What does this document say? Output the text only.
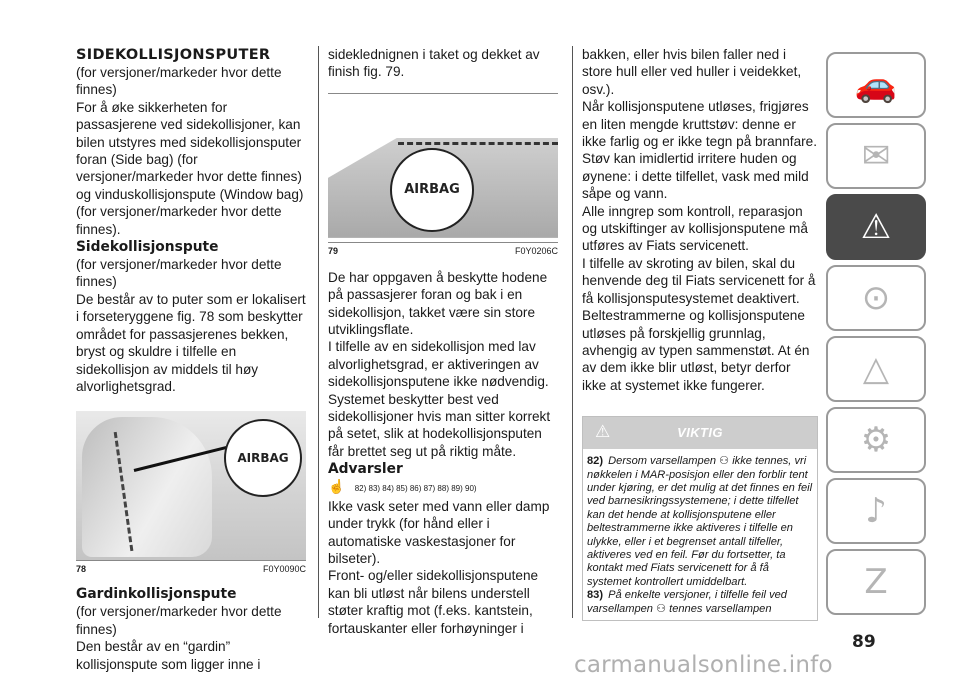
SIDEKOLLISJONSPUTER

(for versjoner/markeder hvor dette finnes)

For å øke sikkerheten for passasjerene ved sidekollisjoner, kan bilen utstyres med sidekollisjonsputer foran (Side bag) (for versjoner/markeder hvor dette finnes) og vinduskollisjonspute (Window bag) (for versjoner/markeder hvor dette finnes).

Sidekollisjonspute

(for versjoner/markeder hvor dette finnes)

De består av to puter som er lokalisert i forseteryggene fig. 78 som beskytter området for passasjerenes bekken, bryst og skuldre i tilfelle en sidekollisjon av middels til høy alvorlighetsgrad.

AIRBAG
78	F0Y0090C
Gardinkollisjonspute

(for versjoner/markeder hvor dette finnes)

Den består av en “gardin” kollisjonspute som ligger inne i

sideklednignen i taket og dekket av finish fig. 79.

AIRBAG
79	F0Y0206C

De har oppgaven å beskytte hodene på passasjerer foran og bak i en sidekollisjon, takket være sin store utviklingsflate.

I tilfelle av en sidekollisjon med lav alvorlighetsgrad, er aktiveringen av sidekollisjonsputene ikke nødvendig. Systemet beskytter best ved sidekollisjoner hvis man sitter korrekt på setet, slik at hodekollisjonsputen får brettet seg ut på riktig måte.

Advarsler
☝ 82) 83) 84) 85) 86) 87) 88) 89) 90)

Ikke vask seter med vann eller damp under trykk (for hånd eller i automatiske vaskestasjoner for bilseter).

Front- og/eller sidekollisjonsputene kan bli utløst når bilens understell støter kraftig mot (f.eks. kantstein, fortauskanter eller forhøyninger i

bakken, eller hvis bilen faller ned i store hull eller ved huller i veidekket, osv.).

Når kollisjonsputene utløses, frigjøres en liten mengde kruttstøv: denne er ikke farlig og er ikke tegn på brannfare. Støv kan imidlertid irritere huden og øynene: i dette tilfellet, vask med mild såpe og vann.

Alle inngrep som kontroll, reparasjon og utskiftinger av kollisjonsputene må utføres av Fiats servicenett.

I tilfelle av skroting av bilen, skal du henvende deg til Fiats servicenett for å få kollisjonsputesystemet deaktivert.

Beltestrammerne og kollisjonsputene utløses på forskjellig grunnlag, avhengig av typen sammenstøt. At én av dem ikke blir utløst, betyr derfor ikke at systemet ikke fungerer.

⚠	VIKTIG
82) Dersom varsellampen ⚇ ikke tennes, vri nøkkelen i MAR-posisjon eller den forblir tent under kjøring, er det mulig at det finnes en feil ved barnesikringssystemene; i dette tilfellet kan det hende at kollisjonsputene eller beltestrammerne ikke aktiveres i tilfelle en ulykke, eller i et begrenset antall tilfeller, aktiveres ved en feil. Før du fortsetter, ta kontakt med Fiats servicenett for å få systemet kontrollert umiddelbart.
83) På enkelte versjoner, i tilfelle feil ved varsellampen ⚇ tennes varsellampen
🚗
✉
⚠
⊙
△
⚙
♪
Z
89
carmanualsonline.info
